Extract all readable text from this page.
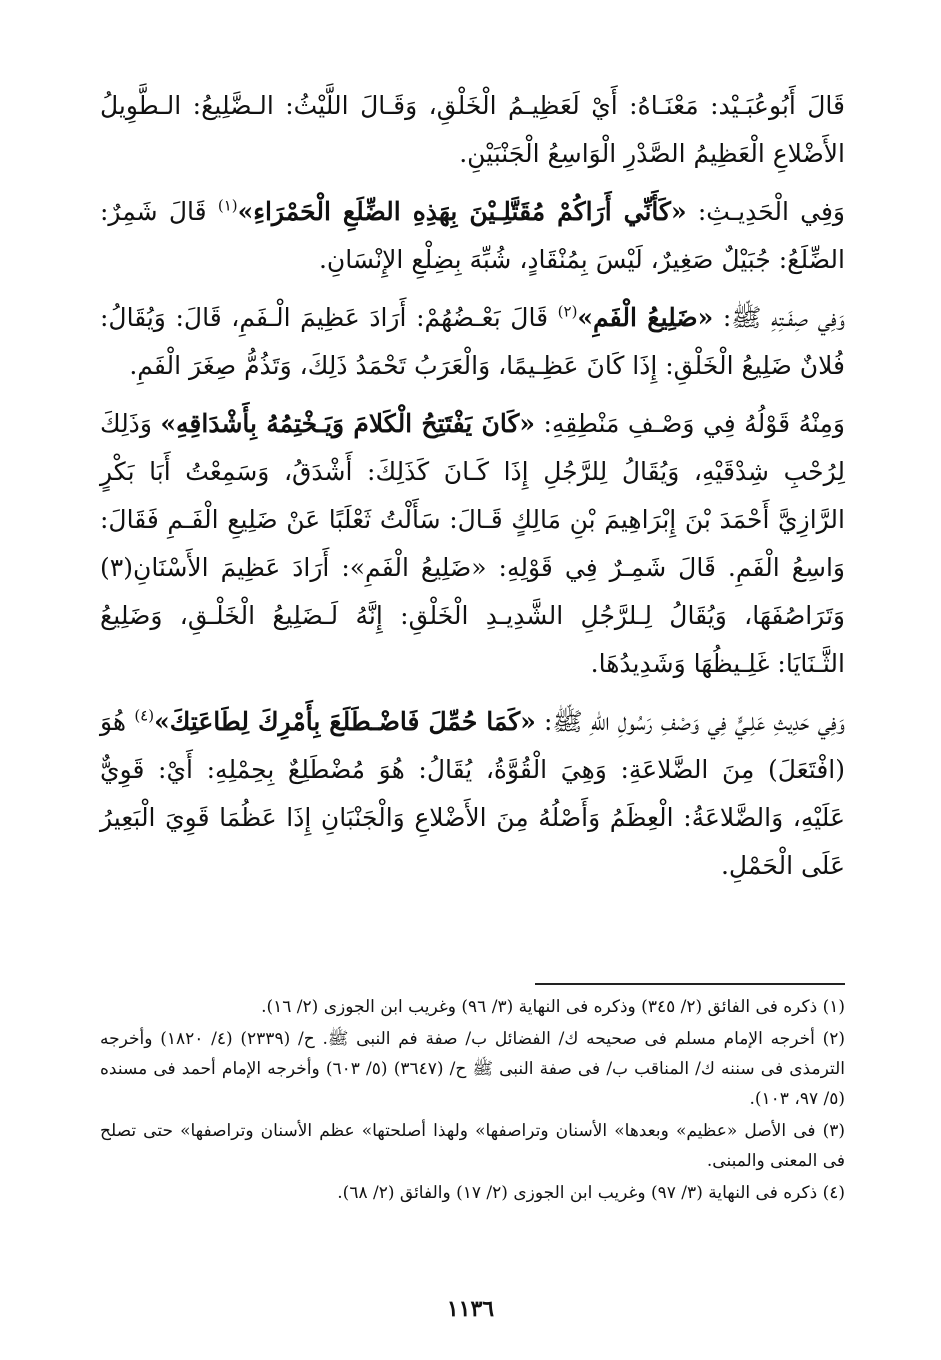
قَالَ أَبُوعُبَـيْد: مَعْنَـاهُ: أَيْ لَعَظِيـمُ الْخَلْقِ، وَقَـالَ اللَّيْثُ: الـضَّلِيعُ: الـطَّوِيلُ الأَضْلاعِ الْعَظِيمُ الصَّدْرِ الْوَاسِعُ الْجَنْبَيْنِ.

وَفِي الْحَدِيـثِ: «كَأَنِّي أَرَاكُمْ مُقَتَّلِـيْنَ بِهَذِهِ الضِّلَعِ الْحَمْرَاءِ»$^{(١)}$ قَالَ شَمِرٌ: الضِّلَعُ: جُبَيْلٌ صَغِيرٌ، لَيْسَ بِمُنْقَادٍ، شُبِّهَ بِضِلْعِ الإِنْسَانِ.

وَفِي صِفَـتِهِ ﷺ: «ضَلِيعُ الْفَمِ»$^{(٢)}$ قَالَ بَعْـضُهُمْ: أَرَادَ عَظِيمَ الْـفَمِ، قَالَ: وَيُقَالُ: فُلانٌ ضَلِيعُ الْخَلْقِ: إِذَا كَانَ عَظِـيمًا، وَالْعَرَبُ تَحْمَدُ ذَلِكَ، وَتَذُمُّ صِغَرَ الْفَمِ.

وَمِنْهُ قَوْلُهُ فِي وَصْـفِ مَنْطِقِهِ: «كَانَ يَفْتَتِحُ الْكَلامَ وَيَـخْتِمُهُ بِأَشْدَاقِهِ» وَذَلِكَ لِرُحْبِ شِدْقَيْهِ، وَيُقَالُ لِلرَّجُلِ إِذَا كَـانَ كَذَلِكَ: أَشْدَقُ، وَسَمِعْتُ أَبَا بَكْرٍ الرَّازِيَّ أَحْمَدَ بْنَ إِبْرَاهِيمَ بْنِ مَالِكٍ قَـالَ: سَأَلْتُ ثَعْلَبًا عَنْ ضَلِيعِ الْفَـمِ فَقَالَ: وَاسِعُ الْفَمِ. قَالَ شَمِـرٌ فِي قَوْلِهِ: «ضَلِيعُ الْفَمِ»: أَرَادَ عَظِيمَ الأَسْنَانِ(٣) وَتَرَاصُفَهَا، وَيُقَالُ لِـلرَّجُلِ الشَّدِيـدِ الْخَلْقِ: إِنَّهُ لَـضَلِيعُ الْخَلْـقِ، وَضَلِيعُ الثَّـنَايَا: غَلِـيظُهَا وَشَدِيدُهَا.

وَفِي حَدِيثِ عَلِـيٍّ فِي وَصْفِ رَسُولِ اللهِ ﷺ: «كَمَا حُمِّلَ فَاضْـطَلَعَ بِأَمْرِكَ لِطَاعَتِكَ»$^{(٤)}$ هُوَ (افْتَعَلَ) مِنَ الضَّلاعَةِ: وَهِيَ الْقُوَّةُ، يُقَالُ: هُوَ مُضْطَلِعٌ بِحِمْلِهِ: أَيْ: قَوِيٌّ عَلَيْهِ، وَالضَّلاعَةُ: الْعِظَمُ وَأَصْلُهُ مِنَ الأَضْلاعِ وَالْجَنْبَانِ إِذَا عَظُمَا قَوِيَ الْبَعِيرُ عَلَى الْحَمْلِ.

(١) ذكره فى الفائق (٢/ ٣٤٥) وذكره فى النهاية (٣/ ٩٦) وغريب ابن الجوزى (٢/ ١٦).

(٢) أخرجه الإمام مسلم فى صحيحه ك/ الفضائل ب/ صفة فم النبى ﷺ. ح/ (٢٣٣٩) (٤/ ١٨٢٠) وأخرجه الترمذى فى سننه ك/ المناقب ب/ فى صفة النبى ﷺ ح/ (٣٦٤٧) (٥/ ٦٠٣) وأخرجه الإمام أحمد فى مسنده (٥/ ٩٧، ١٠٣).

(٣) فى الأصل «عظيم» وبعدها» الأسنان وتراصفها» ولهذا أصلحتها» عظم الأسنان وتراصفها» حتى تصلح فى المعنى والمبنى.

(٤) ذكره فى النهاية (٣/ ٩٧) وغريب ابن الجوزى (٢/ ١٧) والفائق (٢/ ٦٨).

١١٣٦
